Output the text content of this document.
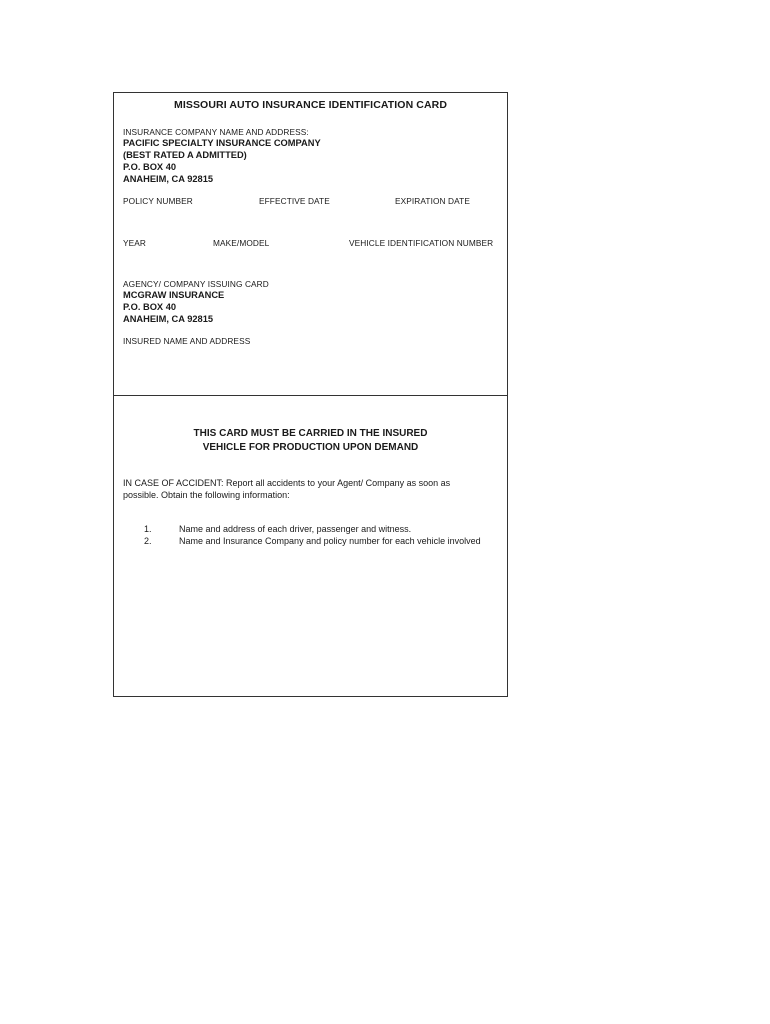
MISSOURI AUTO INSURANCE IDENTIFICATION CARD
INSURANCE COMPANY NAME AND ADDRESS:
PACIFIC SPECIALTY INSURANCE COMPANY
(BEST RATED A ADMITTED)
P.O. BOX 40
ANAHEIM, CA 92815
POLICY NUMBER	EFFECTIVE DATE	EXPIRATION DATE
YEAR	MAKE/MODEL	VEHICLE IDENTIFICATION NUMBER
AGENCY/ COMPANY ISSUING CARD
MCGRAW INSURANCE
P.O. BOX 40
ANAHEIM, CA 92815
INSURED NAME AND ADDRESS
THIS CARD MUST BE CARRIED IN THE INSURED
VEHICLE FOR PRODUCTION UPON DEMAND
IN CASE OF ACCIDENT: Report all accidents to your Agent/ Company as soon as
possible. Obtain the following information:
1.	Name and address of each driver, passenger and witness.
2.	Name and Insurance Company and policy number for each vehicle involved
